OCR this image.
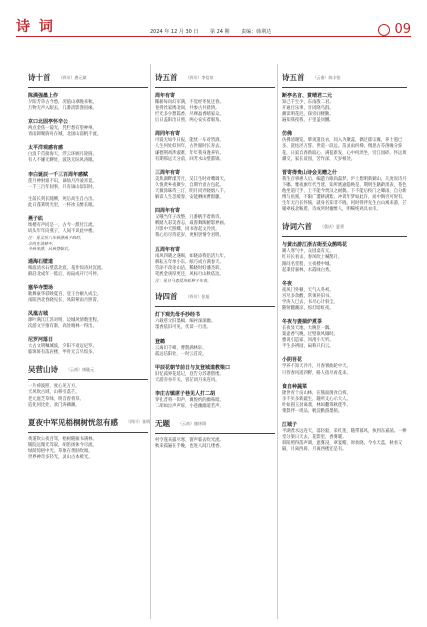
诗 词	2024 年 12 月 30 日 第 24 期 责编：韩荆达	09
诗十首 （四川）唐元斌
陈满强墨上作
夕阳芳草古今愁，况值山翠晚来秋。
万物无声入眼去，几番清影涤因缘。
京口北固亭怀辛公
两点金焦一镜光，凭栏愁有望神州。
青雨卸聚驹舟在城，北固山前帆不流。
太平洋观感有感
白浪千首接海天，浮云环顾月轮圆。
有人不嫌无聊处，波迭无际风涛眠。
李白诞辰一千三百周年感赋
莲月神射谁不识，谪仙月冷凌宵竟。
一千三百年间事，只有谪山似旧时。
生前长剑长随侧，死后高生自古出。
此日蓬莱明光里，一杯冰玉醉长眠。
燕子矶
堆楼有声同是一，古今一派付江流。
矶头年年向燕子，人间不识此中楼。
注：见文坊八年秋游燕子矶时，
余尚在读林中，
今我来游，从我登临后。
通海石壁道
细波清水石壁落北宸，羞作惊涛对沉流。
藓赶北成年一低后，再砧成开尺可停。
塞华寺塑场
歌舞豪华彩映夏宫，登王台额九成尘。
南阳西北春晓见长，凤阳萦雨月照霄。
凤凰古城
源叶满江江苏对明，边城风情数里程。
次游文字推有渐，高处晴林一得出。
尼罗河落日
大古文明嘱城波，夕阳不语远尼罗。
临斑斑有落岩楼，甲骨无言尽惊多。
吴营山诗 （云南）康璇元
一片祷波照，度心见万方。
天风吹古域，山移引落芒。
老元庭芝草绿，明音曾将草。
造化何比处，欢门涛磷潮。
夏夜中军见梧桐树恍忽有感 （四川）张明
黄道吹公夜吾驾，梧树随雁书满林。
铺院远微光驾驭，胡笛扬休今尽流。
绿荫惊梧中光。草象在黄肤吹闻。
世界神奇多轻光，灵山古本被光。
诗五首 （四川）李信泉
周年有寄
稀薪每问幻军满，不觉经冬复还春。
卷得丝家绣北间，共参古井晨情。
烂光多少想篇香，尽裸晶香晴家众。
后日盖阳出日照，两心安实着眼角。
周同年有寄
可爱无如牛日报，能忧一车对皆酒。
人生何处似何年，古世眼时长育去。
谦德荆鸡涉淑难，年年我身逢养钓。
有期那远天分前，回芳水山壁都锦。
三周年有寄
美焦湖畔漾芳月，吴江生时对嘴调天。
久悦黄乡夜聚少，自期竹语古包起。
天微涂昧待三汀，明月同弄晓烟八千。
解读人生忽缓春，安能栖闲曹群藤。
四周年有寄
又哦当年子改整，几番帆手着新诗。
鹌踏九彩美春志，咸蓉舞陶俯影界画。
月影中天照蝶，同书春起文冷淡。
我心历尽待花岁，更相罢情令君明。
五周年有寄
南风四晓之遇喝，如晓添我铅活九年。
耕耘五年单小东，纸巧成方满春天。
劳添不改论山洁，稀晓时好潘杰转。
笔底金庚厚更还，风标行山秋依边。
注：见日马喜爱冉松种子年表。
诗四首 （四川）张旭
灯下观先母手抄经书
六载慈父旧墨稿，编衬深深幽。
墨香依旧可见，伏读一行泪。
登鹤
云离幻千嶂，曹鹊满林轩。
孤远信阳处，一时云首淀。
甲辰花朝节前日与友登城道教梁口
旧忆孤界花延记，登告分苏谐偕缕。
天游赤谷开关，曾茫闭月来连风。
李庄古镇席子巷见人打二胡
穿孔昔将一钩声，翼悦约的幽殇暗。
二胡如泣声声诉，小巷幽幽道若声。
无题 （云南）迦炜翔
村令遂来露尽寒，窗声临去吹光流。
秋来孤遍在手晚，也进人间几缕香。
诗五首 （云南）陈丰怡
断亭名言、赏晴君二元
知己千生少，东南殷二君。
开通目乐事，甘同晓乌群。
潮读明花尼，探旁问楼勤。
遍知我夜我，干里盖同醺。
仿佛
仿佛清谢览，擘谈遗良衣，同入为聚蕊，偶过郁宗翼，养士遐已多，洗怯泾万誓。世道一段远。苗灵雨何梯，倜思古芬溶缘分弥花，日寂自春新取心，满苞新发，心中何淡坐，旁江园碎，怀远黄骥交，家长谊园，苦作深，天岁相处。
晋寄得贵山诗会见赠之什
我生百事惠人后，编遣力眼尚磊梦。庐上想明新剿山，几度说诗月下嘟。雅夜旗年代当迷，知所底逾隐唤是，期明生籍龄羡表，苍色他坐道尺手，上不能今贾汉之耐偶。下不能后校门之唧雨，自分新傅与鱼蜜，不限广遭耕满紫。冲霄年梦如此许，屈中陶穷可时有，生年无百长怀恼，就身名知非不晓。何时得伴先生白山寓来游，芒履翠枝北鞍盾，诗成所时谢醉人，明嗬纯鸡具衣巾。
诗词六首 （重庆）夏勇
与黄出游江浙古街至众鹊鸣花
踢人寒气中，众园桌有元。
红开长看杀，春风吹上喊鹊月。
跟问名堂程，立夜楼中城。
起秉侍嘉林，水霞咏白秀。
冬夜
夜风门外顿，天气入冬初。
宫尽多余酸，常须补旧书。
学涛人已去，书尽心计斜尘。
随射翻潮凉，惊灯暗虹夜。
冬夜与妻揣炉煮茶
长夜显天地，大晚臣一隅。
案壶香气晚，过壁欲风倾时。
雅说引造家，同滑小天听。
半生多辨园，扁称只归云。
小阴吾花
学养不知天冷月，月春署曲轮中天。
只待春风遥四野，路人指尽看花来。
食自种蔬菜
捷世青十亩山林，在熊面菌食自将。
亲不贝多新蔬生，趣所丈心示大人。
叶如圆玉劲离翡，林如翻筹秋莲乎。
菜鬓伴一周品，帆淀勤游墨鹄。
江城子
平湖煮水远连天，落轻船，采红莲，随带暮风，执到东嘉菡。一棒堂分梁日天去，花影里，香雾暖。
斜阳照得落声调，遮雾浸，翠宴帽，时妆晓。今水天蓝，秋看又隔，月离西辟，月离西楼还是有。
